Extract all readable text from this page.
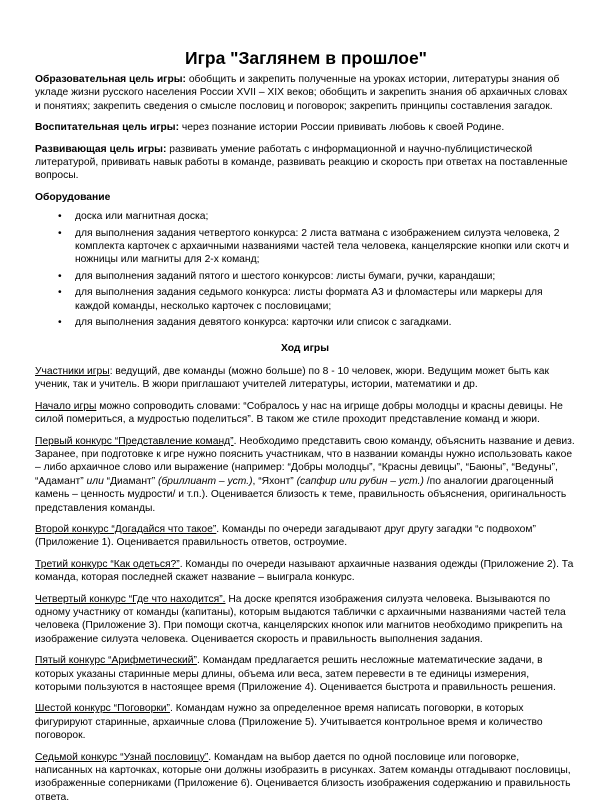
Игра "Заглянем в прошлое"
Образовательная цель игры: обобщить и закрепить полученные на уроках истории, литературы знания об укладе жизни русского населения России XVII – XIX веков; обобщить и закрепить знания об архаичных словах и понятиях; закрепить сведения о смысле пословиц и поговорок; закрепить принципы составления загадок.
Воспитательная цель игры: через познание истории России прививать любовь к своей Родине.
Развивающая цель игры: развивать умение работать с информационной и научно-публицистической литературой, прививать навык работы в команде, развивать реакцию и скорость при ответах на поставленные вопросы.
Оборудование
• доска или магнитная доска;
• для выполнения задания четвертого конкурса: 2 листа ватмана с изображением силуэта человека, 2 комплекта карточек с архаичными названиями частей тела человека, канцелярские кнопки или скотч и ножницы или магниты для 2-х команд;
• для выполнения заданий пятого и шестого конкурсов: листы бумаги, ручки, карандаши;
• для выполнения задания седьмого конкурса: листы формата А3 и фломастеры или маркеры для каждой команды, несколько карточек с пословицами;
• для выполнения задания девятого конкурса: карточки или список с загадками.
Ход игры
Участники игры: ведущий, две команды (можно больше) по 8 - 10 человек, жюри. Ведущим может быть как ученик, так и учитель. В жюри приглашают учителей литературы, истории, математики и др.
Начало игры можно сопроводить словами: “Собралось у нас на игрище добры молодцы и красны девицы. Не силой помериться, а мудростью поделиться”. В таком же стиле проходит представление команд и жюри.
Первый конкурс “Представление команд”. Необходимо представить свою команду, объяснить название и девиз. Заранее, при подготовке к игре нужно пояснить участникам, что в названии команды нужно использовать какое – либо архаичное слово или выражение (например: “Добры молодцы”, “Красны девицы”, “Баюны”, “Ведуны”, “Адамант” или “Диамант” (бриллиант – уст.), “Яхонт” (сапфир или рубин – уст.) /по аналогии драгоценный камень – ценность мудрости/ и т.п.). Оценивается близость к теме, правильность объяснения, оригинальность представления команды.
Второй конкурс “Догадайся что такое”. Команды по очереди загадывают друг другу загадки “с подвохом” (Приложение 1). Оценивается правильность ответов, остроумие.
Третий конкурс “Как одеться?”. Команды по очереди называют архаичные названия одежды (Приложение 2). Та команда, которая последней скажет название – выиграла конкурс.
Четвертый конкурс “Где что находится”. На доске крепятся изображения силуэта человека. Вызываются по одному участнику от команды (капитаны), которым выдаются таблички с архаичными названиями частей тела человека (Приложение 3). При помощи скотча, канцелярских кнопок или магнитов необходимо прикрепить на изображение силуэта человека. Оценивается скорость и правильность выполнения задания.
Пятый конкурс “Арифметический”. Командам предлагается решить несложные математические задачи, в которых указаны старинные меры длины, объема или веса, затем перевести в те единицы измерения, которыми пользуются в настоящее время (Приложение 4). Оценивается быстрота и правильность решения.
Шестой конкурс “Поговорки”. Командам нужно за определенное время написать поговорки, в которых фигурируют старинные, архаичные слова (Приложение 5). Учитывается контрольное время и количество поговорок.
Седьмой конкурс “Узнай пословицу”. Командам на выбор дается по одной пословице или поговорке, написанных на карточках, которые они должны изобразить в рисунках. Затем команды отгадывают пословицы, изображенные соперниками (Приложение 6). Оценивается близость изображения содержанию и правильность ответа.
